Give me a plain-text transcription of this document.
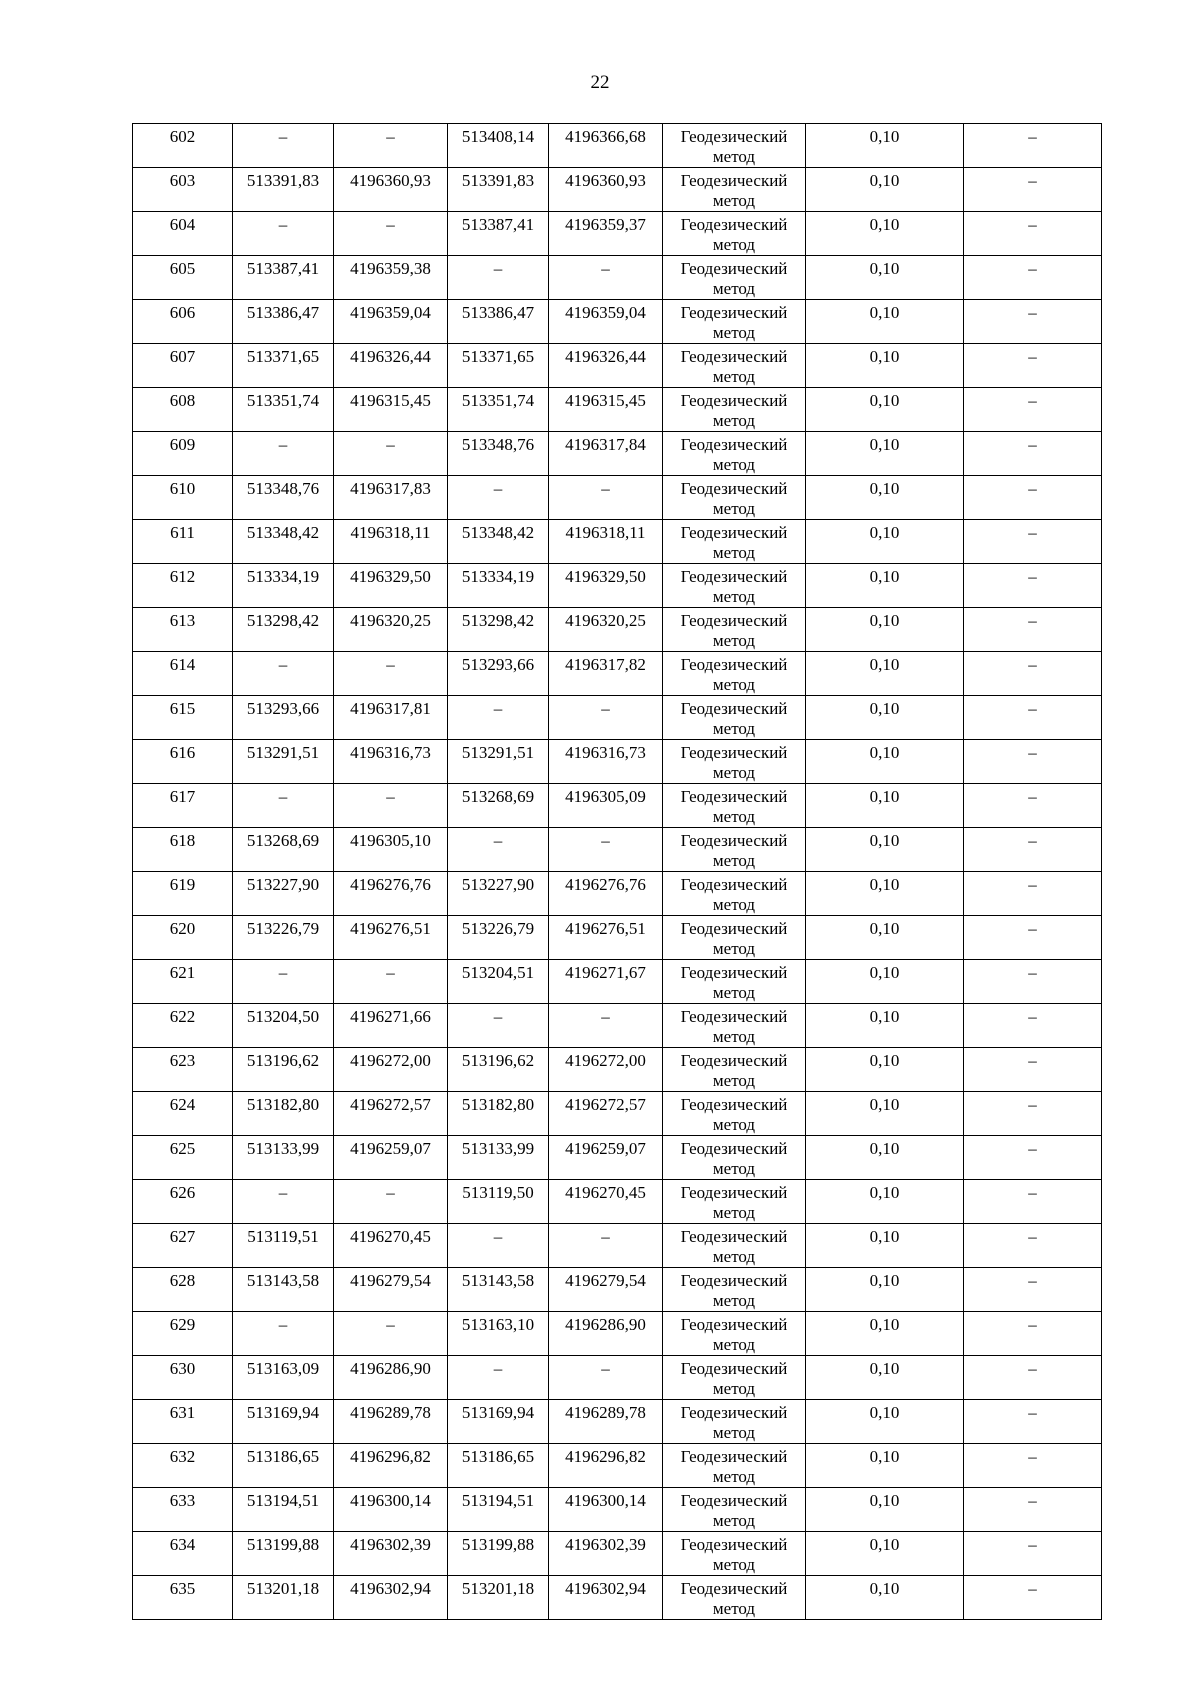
22
602	–	–	513408,14	4196366,68	Геодезический метод	0,10	–

603	513391,83	4196360,93	513391,83	4196360,93	Геодезический метод	0,10	–

604	–	–	513387,41	4196359,37	Геодезический метод	0,10	–

605	513387,41	4196359,38	–	–	Геодезический метод	0,10	–

606	513386,47	4196359,04	513386,47	4196359,04	Геодезический метод	0,10	–

607	513371,65	4196326,44	513371,65	4196326,44	Геодезический метод	0,10	–

608	513351,74	4196315,45	513351,74	4196315,45	Геодезический метод	0,10	–

609	–	–	513348,76	4196317,84	Геодезический метод	0,10	–

610	513348,76	4196317,83	–	–	Геодезический метод	0,10	–

611	513348,42	4196318,11	513348,42	4196318,11	Геодезический метод	0,10	–

612	513334,19	4196329,50	513334,19	4196329,50	Геодезический метод	0,10	–

613	513298,42	4196320,25	513298,42	4196320,25	Геодезический метод	0,10	–

614	–	–	513293,66	4196317,82	Геодезический метод	0,10	–

615	513293,66	4196317,81	–	–	Геодезический метод	0,10	–

616	513291,51	4196316,73	513291,51	4196316,73	Геодезический метод	0,10	–

617	–	–	513268,69	4196305,09	Геодезический метод	0,10	–

618	513268,69	4196305,10	–	–	Геодезический метод	0,10	–

619	513227,90	4196276,76	513227,90	4196276,76	Геодезический метод	0,10	–

620	513226,79	4196276,51	513226,79	4196276,51	Геодезический метод	0,10	–

621	–	–	513204,51	4196271,67	Геодезический метод	0,10	–

622	513204,50	4196271,66	–	–	Геодезический метод	0,10	–

623	513196,62	4196272,00	513196,62	4196272,00	Геодезический метод	0,10	–

624	513182,80	4196272,57	513182,80	4196272,57	Геодезический метод	0,10	–

625	513133,99	4196259,07	513133,99	4196259,07	Геодезический метод	0,10	–

626	–	–	513119,50	4196270,45	Геодезический метод	0,10	–

627	513119,51	4196270,45	–	–	Геодезический метод	0,10	–

628	513143,58	4196279,54	513143,58	4196279,54	Геодезический метод	0,10	–

629	–	–	513163,10	4196286,90	Геодезический метод	0,10	–

630	513163,09	4196286,90	–	–	Геодезический метод	0,10	–

631	513169,94	4196289,78	513169,94	4196289,78	Геодезический метод	0,10	–

632	513186,65	4196296,82	513186,65	4196296,82	Геодезический метод	0,10	–

633	513194,51	4196300,14	513194,51	4196300,14	Геодезический метод	0,10	–

634	513199,88	4196302,39	513199,88	4196302,39	Геодезический метод	0,10	–

635	513201,18	4196302,94	513201,18	4196302,94	Геодезический метод	0,10	–
